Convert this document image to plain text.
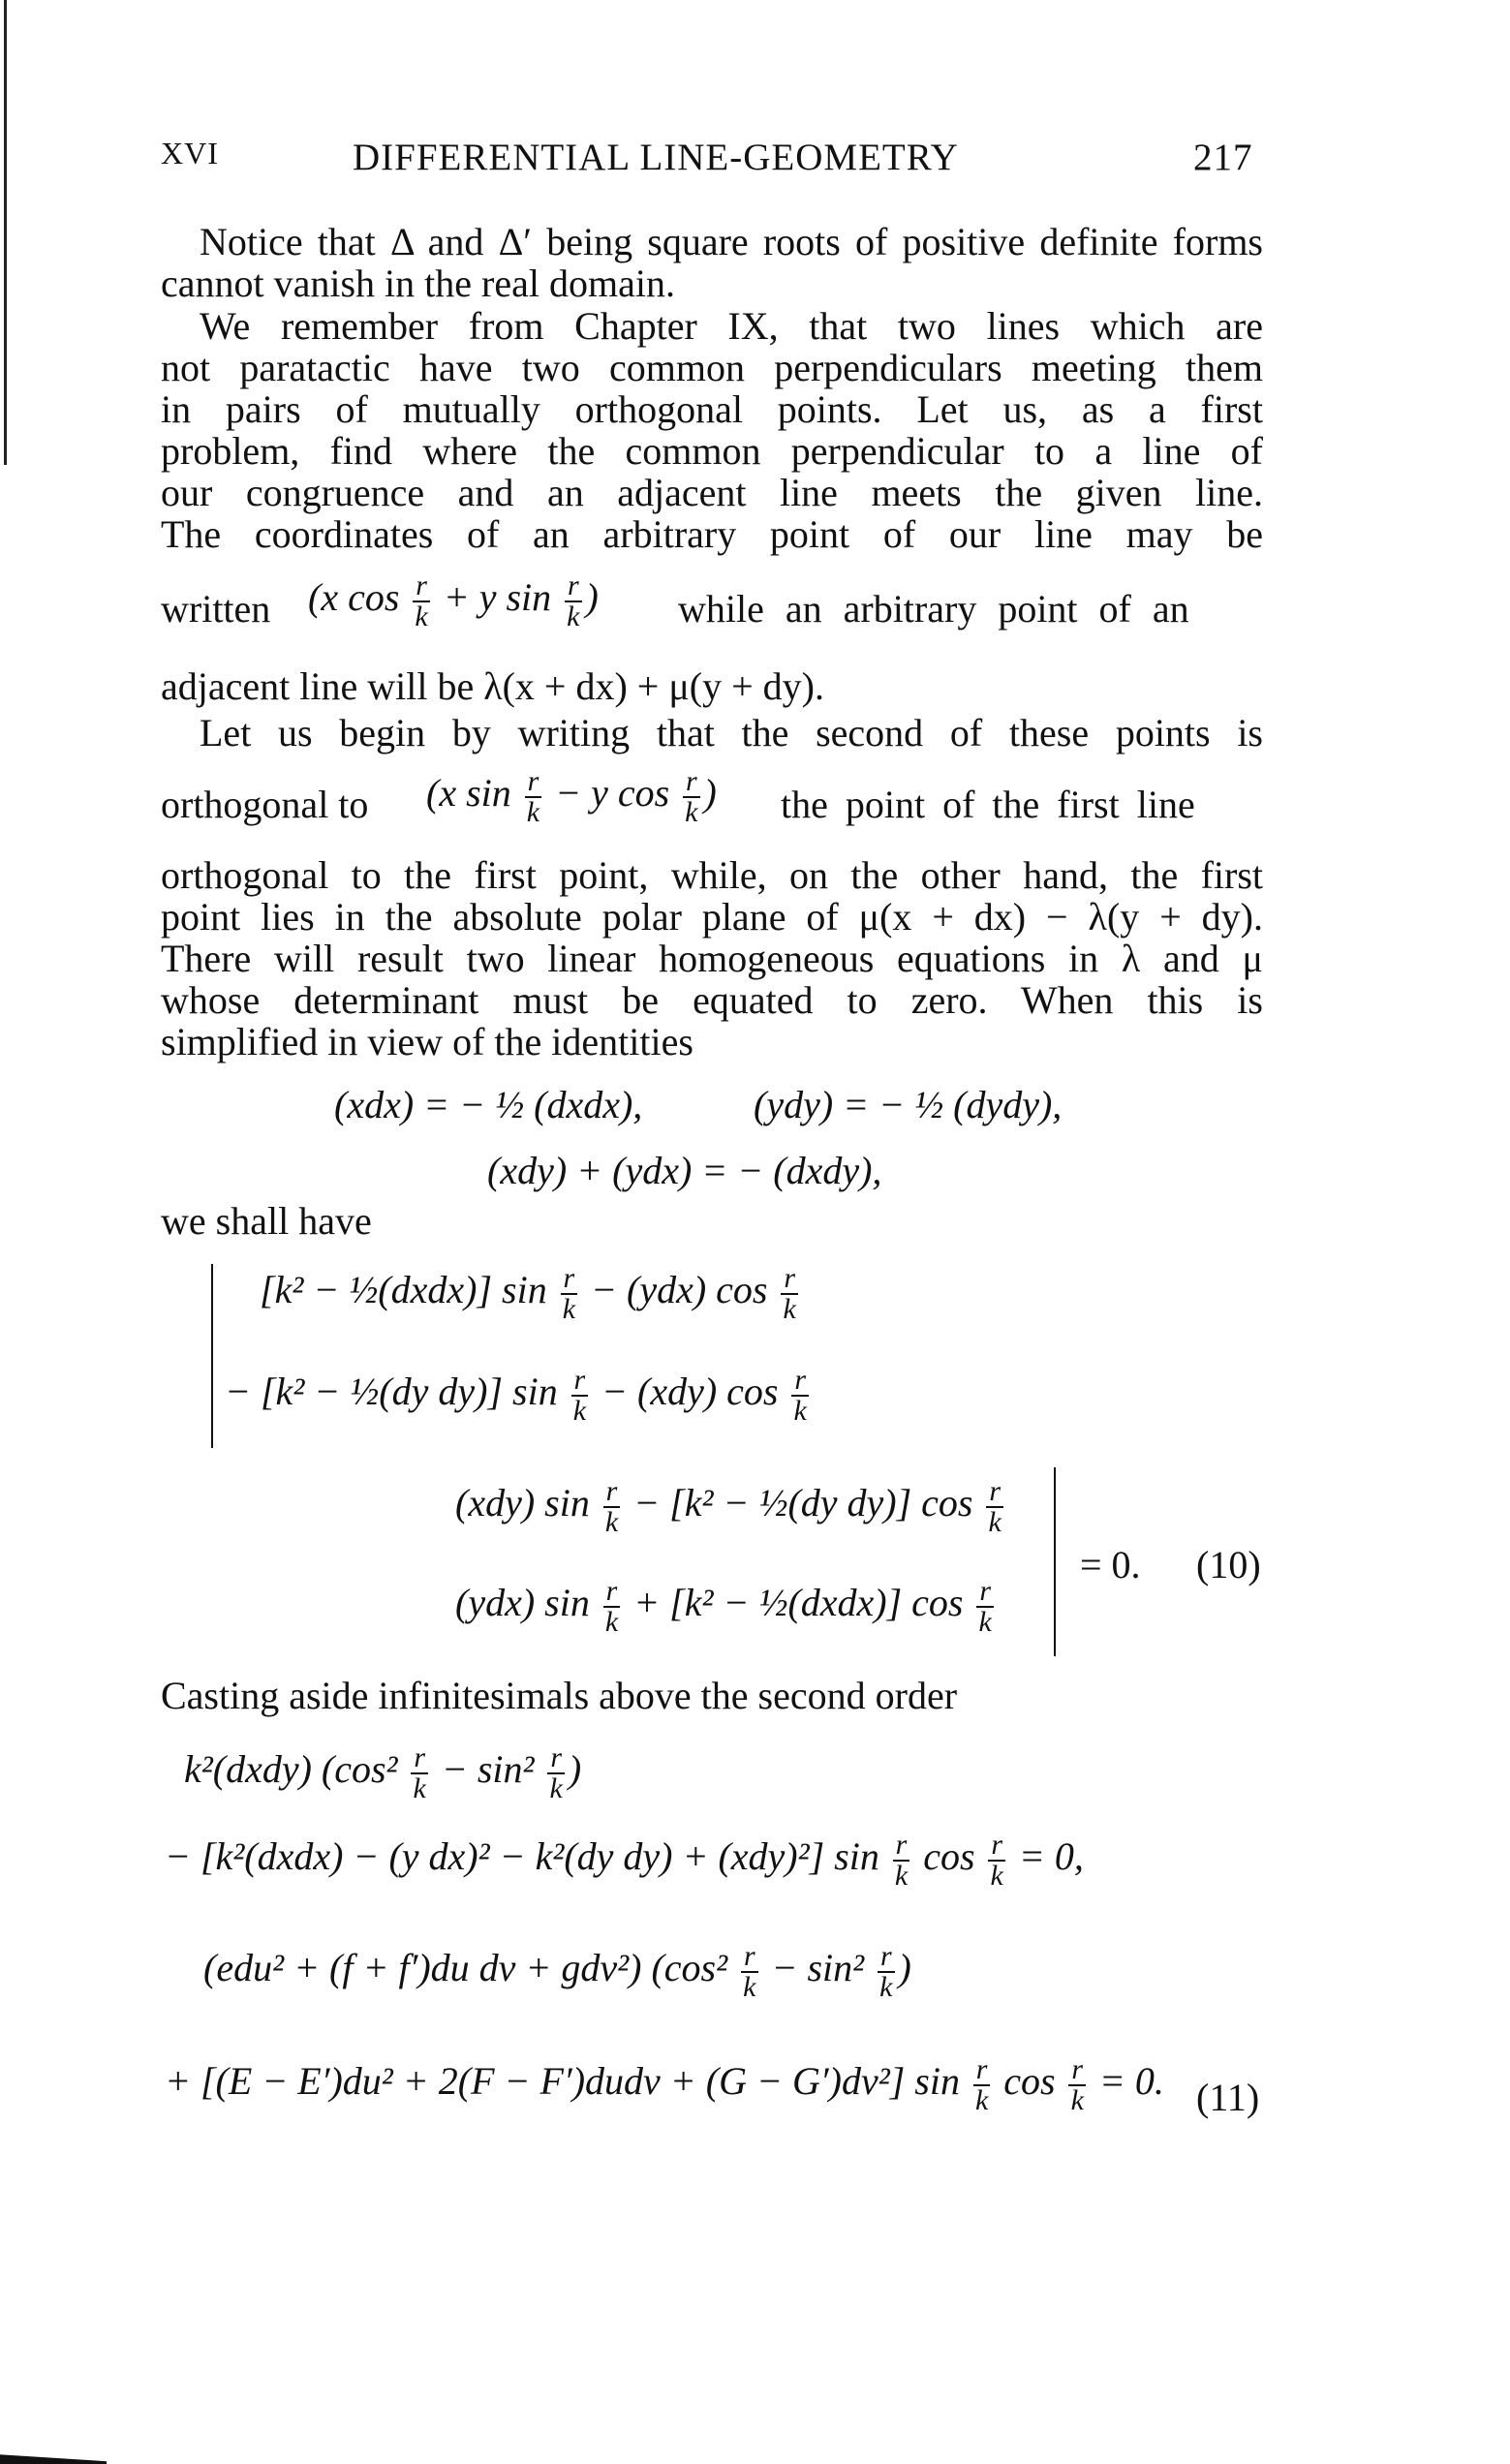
XVI	DIFFERENTIAL LINE-GEOMETRY	217
Notice that Δ and Δ′ being square roots of positive definite forms cannot vanish in the real domain.
We remember from Chapter IX, that two lines which are
not paratactic have two common perpendiculars meeting them
in pairs of mutually orthogonal points. Let us, as a first
problem, find where the common perpendicular to a line of
our congruence and an adjacent line meets the given line.
The coordinates of an arbitrary point of our line may be
written (x $\cos \frac{r}{k} + y$ $\sin \frac{r}{k}$ ) while an arbitrary point of an
adjacent line will be λ(x + dx) + μ(y + dy).
Let us begin by writing that the second of these points is
orthogonal to (x $\sin \frac{r}{k} - y$ $\cos \frac{r}{k}$ ) the point of the first line
orthogonal to the first point, while, on the other hand, the first
point lies in the absolute polar plane of μ(x + dx) − λ(y + dy).
There will result two linear homogeneous equations in λ and μ
whose determinant must be equated to zero. When this is
simplified in view of the identities
(xdx) = − ½ (dxdx),	(ydy) = − ½ (dydy),
(xdy) + (ydx) = − (dxdy),
we shall have
[k² − ½(dxdx)] $\sin \frac{r}{k} - (ydx)$ $\cos \frac{r}{k}$
− [k² − ½(dy dy)] $\sin \frac{r}{k} - (xdy)$ $\cos \frac{r}{k}$
(xdy) $\sin \frac{r}{k} - [k^2$ − ½(dy dy)] $\cos \frac{r}{k}$
(ydx) $\sin \frac{r}{k} + [k^2$ − ½(dxdx)] $\cos \frac{r}{k}$
= 0. (10)
Casting aside infinitesimals above the second order
k²(dxdy) ($\cos^2 \frac{r}{k} - \sin^2 \frac{r}{k}$ )
− [k²(dxdx) − (y dx)² − k²(dy dy) + (xdy)²] $\sin \frac{r}{k}$ $\cos \frac{r}{k} = 0$,
(edu² + (f + f′)du dv + gdv²) ($\cos^2 \frac{r}{k} - \sin^2 \frac{r}{k}$ )
+ [(E − E′)du² + 2(F − F′)dudv + (G − G′)dv²] $\sin \frac{r}{k}$ $\cos \frac{r}{k} = 0$. (11)
